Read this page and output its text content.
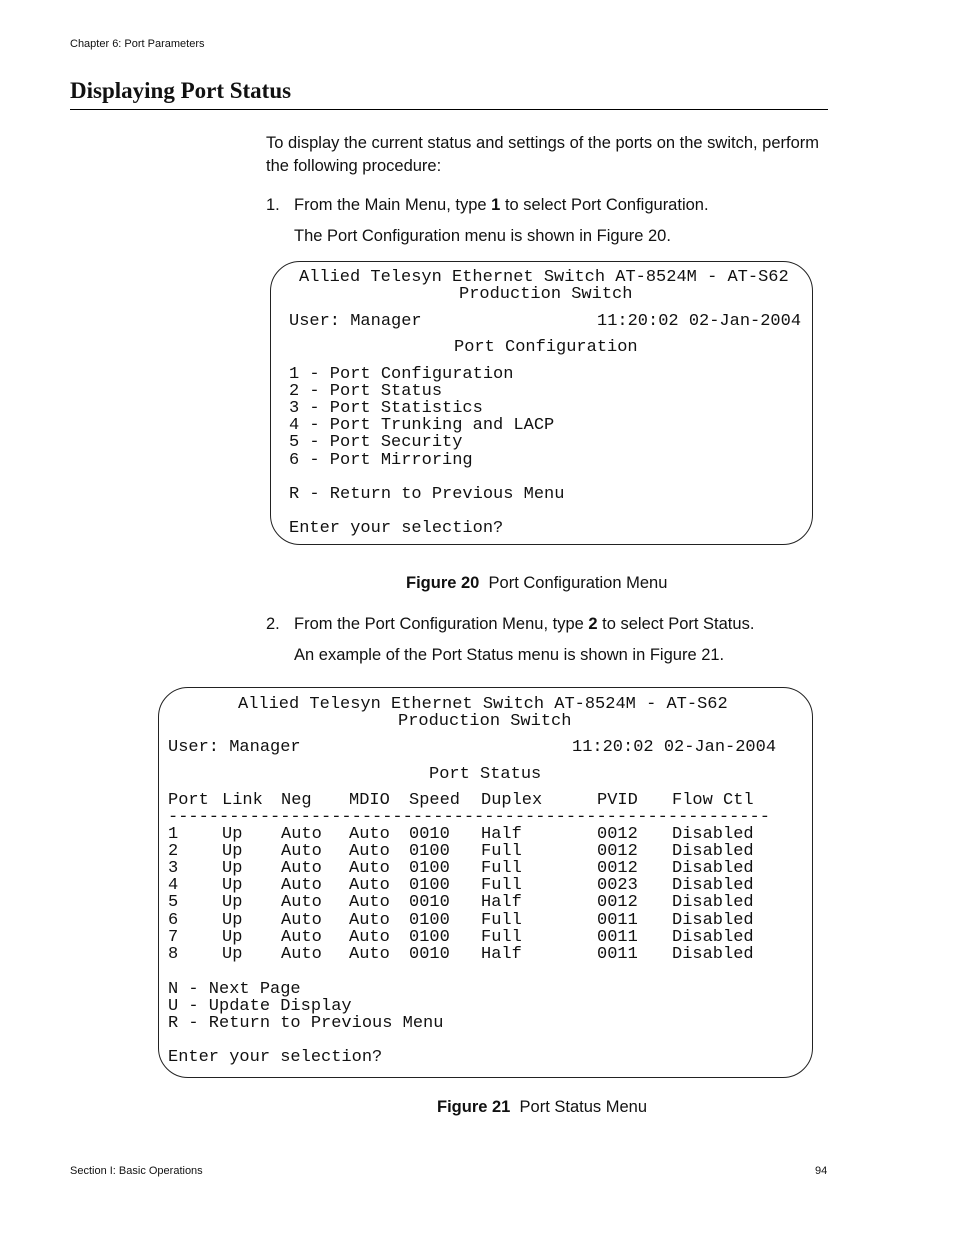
Chapter 6: Port Parameters
Displaying Port Status
To display the current status and settings of the ports on the switch, perform the following procedure:
1. From the Main Menu, type 1 to select Port Configuration.
The Port Configuration menu is shown in Figure 20.
Allied Telesyn Ethernet Switch AT-8524M - AT-S62
Production Switch
User: Manager	11:20:02 02-Jan-2004
Port Configuration
1 - Port Configuration
2 - Port Status
3 - Port Statistics
4 - Port Trunking and LACP
5 - Port Security
6 - Port Mirroring
R - Return to Previous Menu
Enter your selection?
Figure 20 Port Configuration Menu
2. From the Port Configuration Menu, type 2 to select Port Status.
An example of the Port Status menu is shown in Figure 21.
Allied Telesyn Ethernet Switch AT-8524M - AT-S62
Production Switch
User: Manager	11:20:02 02-Jan-2004
Port Status
Port Link Neg MDIO Speed Duplex	PVID Flow Ctl
-----------------------------------------------------------
1	Up Auto Auto 0010 Half	0012 Disabled
2	Up Auto Auto 0100 Full	0012 Disabled
3	Up Auto Auto 0100 Full	0012 Disabled
4	Up Auto Auto 0100 Full	0023 Disabled
5	Up Auto Auto 0010 Half	0012 Disabled
6	Up Auto Auto 0100 Full	0011 Disabled
7	Up Auto Auto 0100 Full	0011 Disabled
8	Up Auto Auto 0010 Half	0011 Disabled
N - Next Page
U - Update Display
R - Return to Previous Menu
Enter your selection?
Figure 21 Port Status Menu
Section I: Basic Operations	94
